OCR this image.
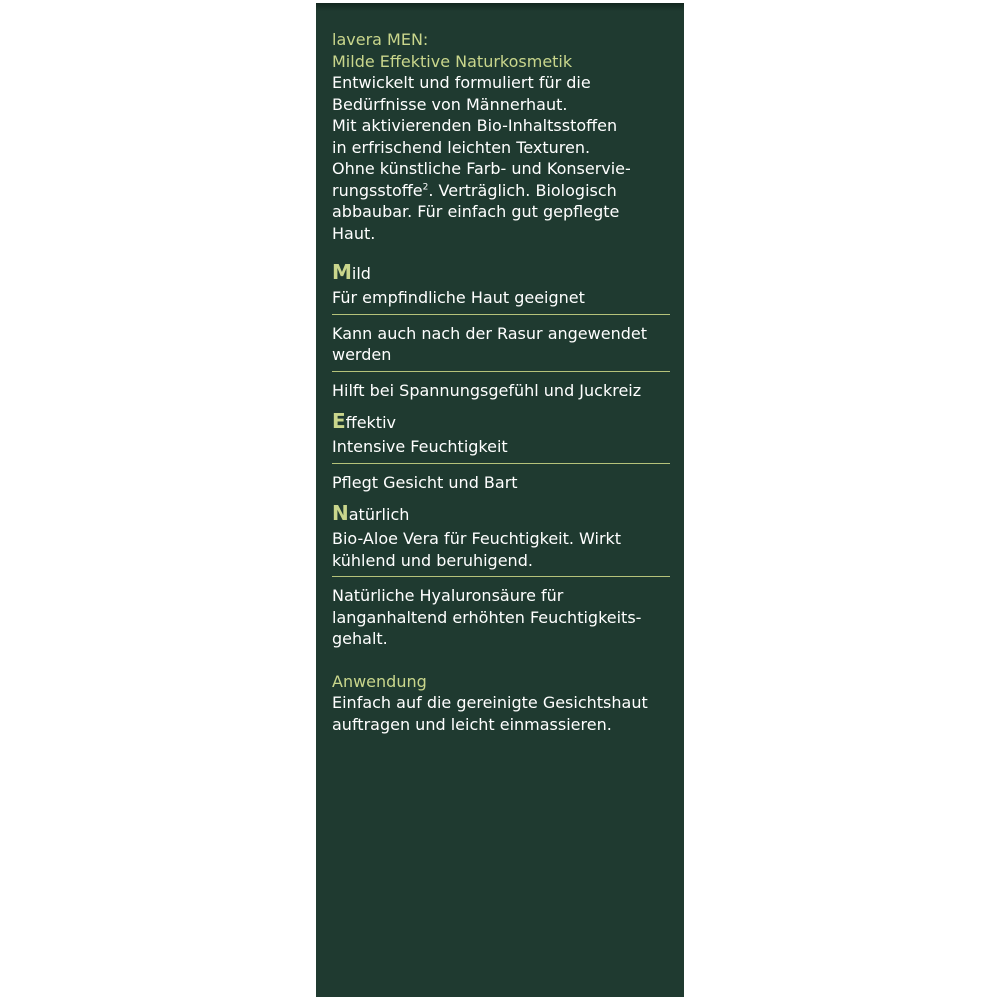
lavera MEN:

Milde Effektive Naturkosmetik

Entwickelt und formuliert für die
Bedürfnisse von Männerhaut.
Mit aktivierenden Bio-Inhaltsstoffen
in erfrischend leichten Texturen.
Ohne künstliche Farb- und Konservie-
rungsstoffe$^2$. Verträglich. Biologisch
abbaubar. Für einfach gut gepflegte
Haut.
Mild
Für empfindliche Haut geeignet
Kann auch nach der Rasur angewendet
werden
Hilft bei Spannungsgefühl und Juckreiz
Effektiv
Intensive Feuchtigkeit
Pflegt Gesicht und Bart
Natürlich
Bio-Aloe Vera für Feuchtigkeit. Wirkt
kühlend und beruhigend.
Natürliche Hyaluronsäure für
langanhaltend erhöhten Feuchtigkeits-
gehalt.
Anwendung
Einfach auf die gereinigte Gesichtshaut
auftragen und leicht einmassieren.
